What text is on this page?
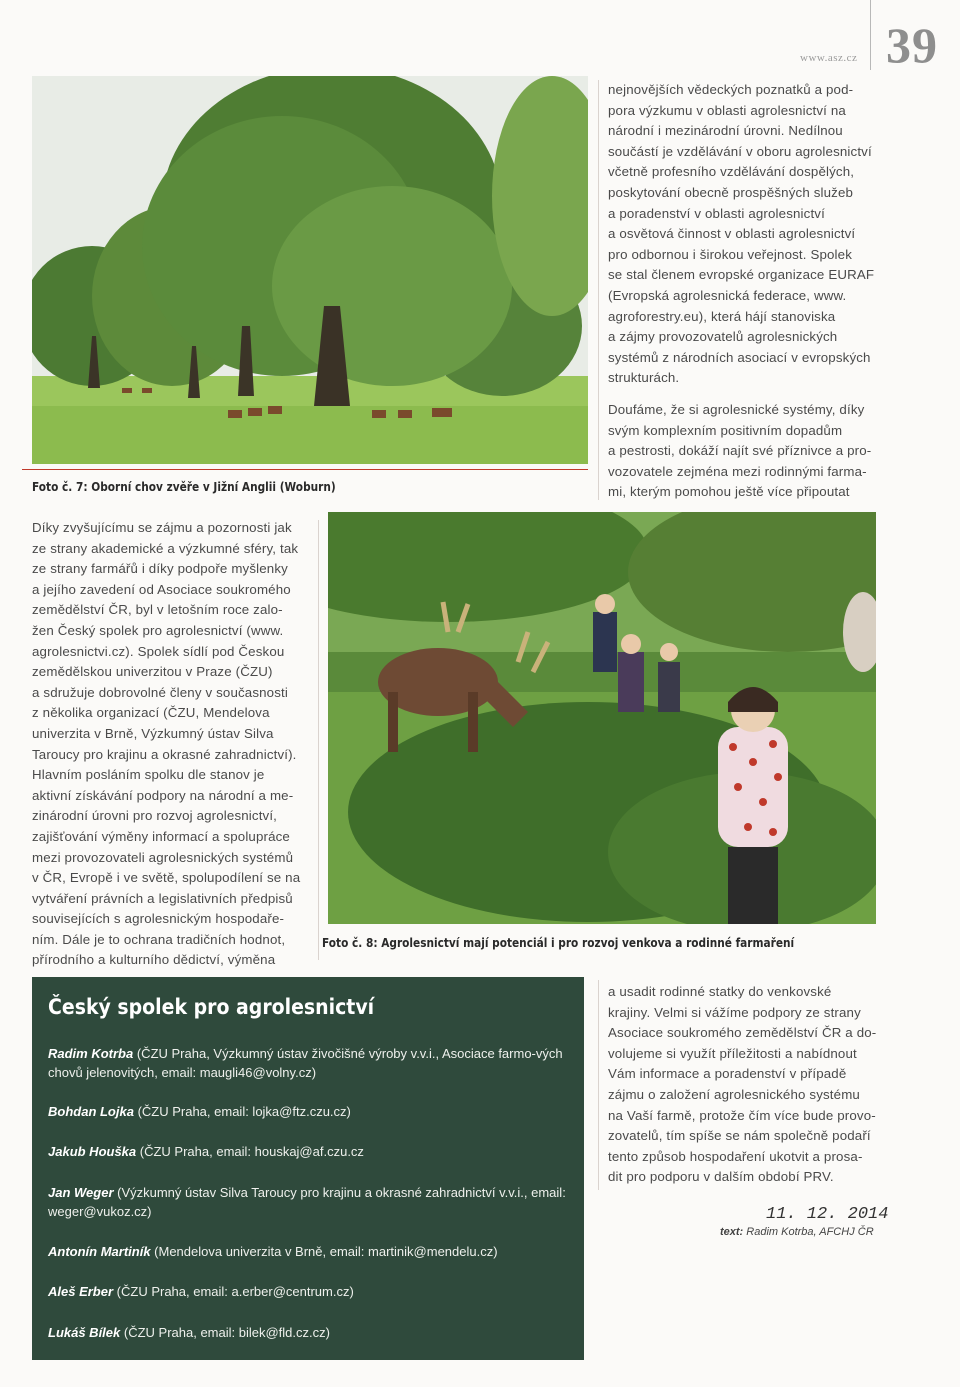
www.asz.cz 39
Foto č. 7: Oborní chov zvěře v Jižní Anglii (Woburn)

nejnovějších vědeckých poznatků a pod-

pora výzkumu v oblasti agrolesnictví na

národní i mezinárodní úrovni. Nedílnou

součástí je vzdělávání v oboru agrolesnictví

včetně profesního vzdělávání dospělých,

poskytování obecně prospěšných služeb

a poradenství v oblasti agrolesnictví

a osvětová činnost v oblasti agrolesnictví

pro odbornou i širokou veřejnost. Spolek

se stal členem evropské organizace EURAF

(Evropská agrolesnická federace, www.

agroforestry.eu), která hájí stanoviska

a zájmy provozovatelů agrolesnických

systémů z národních asociací v evropských

strukturách.

Doufáme, že si agrolesnické systémy, díky

svým komplexním positivním dopadům

a pestrosti, dokáží najít své příznivce a pro-

vozovatele zejména mezi rodinnými farma-

mi, kterým pomohou ještě více připoutat

Díky zvyšujícímu se zájmu a pozornosti jak

ze strany akademické a výzkumné sféry, tak

ze strany farmářů i díky podpoře myšlenky

a jejího zavedení od Asociace soukromého

zemědělství ČR, byl v letošním roce zalo-

žen Český spolek pro agrolesnictví (www.

agrolesnictvi.cz). Spolek sídlí pod Českou

zemědělskou univerzitou v Praze (ČZU)

a sdružuje dobrovolné členy v současnosti

z několika organizací (ČZU, Mendelova

univerzita v Brně, Výzkumný ústav Silva

Taroucy pro krajinu a okrasné zahradnictví).

Hlavním posláním spolku dle stanov je

aktivní získávání podpory na národní a me-

zinárodní úrovni pro rozvoj agrolesnictví,

zajišťování výměny informací a spolupráce

mezi provozovateli agrolesnických systémů

v ČR, Evropě i ve světě, spolupodílení se na

vytváření právních a legislativních předpisů

souvisejících s agrolesnickým hospodaře-

ním. Dále je to ochrana tradičních hodnot,

přírodního a kulturního dědictví, výměna

Foto č. 8: Agrolesnictví mají potenciál i pro rozvoj venkova a rodinné farmaření
Český spolek pro agrolesnictví
Radim Kotrba (ČZU Praha, Výzkumný ústav živočišné výroby v.v.i., Asociace farmo-vých chovů jelenovitých, email: maugli46@volny.cz)
Bohdan Lojka (ČZU Praha, email: lojka@ftz.czu.cz)
Jakub Houška (ČZU Praha, email: houskaj@af.czu.cz
Jan Weger (Výzkumný ústav Silva Taroucy pro krajinu a okrasné zahradnictví v.v.i., email: weger@vukoz.cz)
Antonín Martiník (Mendelova univerzita v Brně, email: martinik@mendelu.cz)
Aleš Erber (ČZU Praha, email: a.erber@centrum.cz)
Lukáš Bílek (ČZU Praha, email: bilek@fld.cz.cz)

a usadit rodinné statky do venkovské

krajiny. Velmi si vážíme podpory ze strany

Asociace soukromého zemědělství ČR a do-

volujeme si využít příležitosti a nabídnout

Vám informace a poradenství v případě

zájmu o založení agrolesnického systému

na Vaší farmě, protože čím více bude provo-

zovatelů, tím spíše se nám společně podaří

tento způsob hospodaření ukotvit a prosa-

dit pro podporu v dalším období PRV.

11. 12. 2014
text: Radim Kotrba, AFCHJ ČR
